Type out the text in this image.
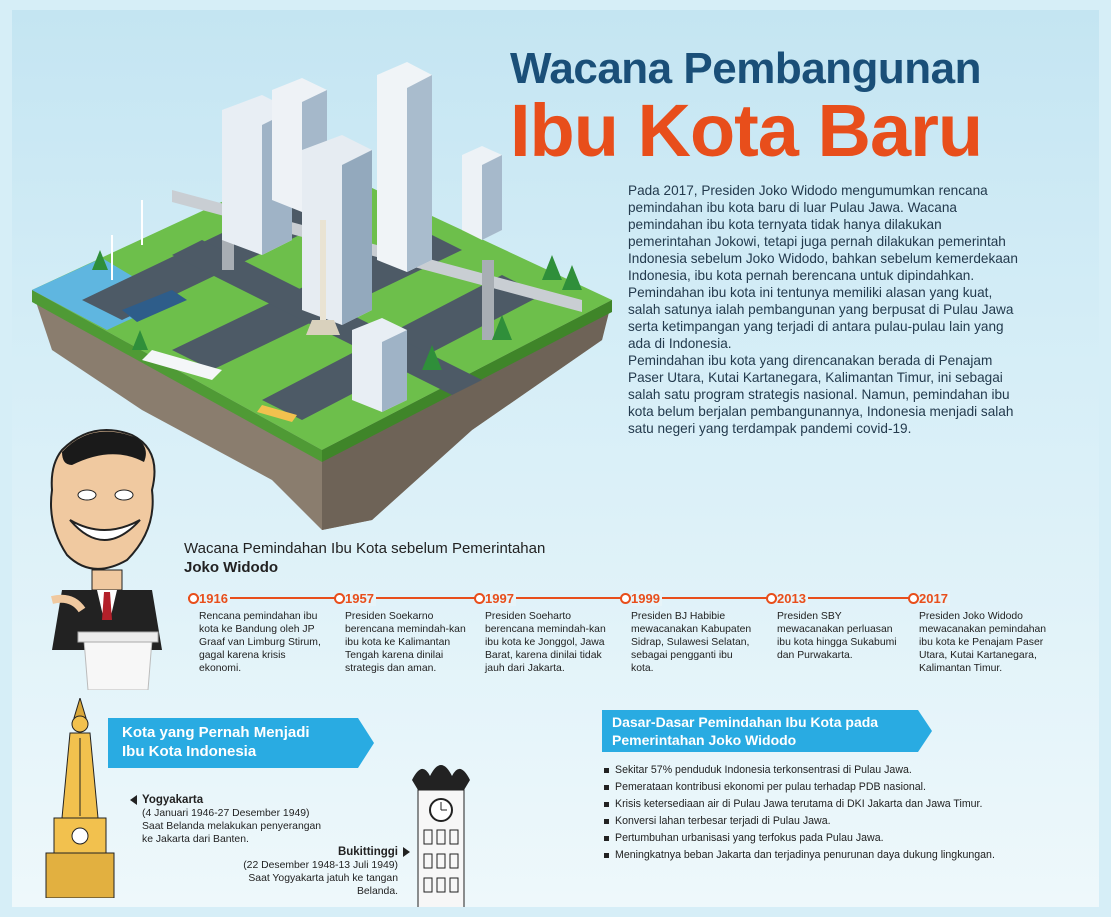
Wacana Pembangunan
Ibu Kota Baru

Pada 2017, Presiden Joko Widodo mengumumkan rencana pemindahan ibu kota baru di luar Pulau Jawa. Wacana pemindahan ibu kota ternyata tidak hanya dilakukan pemerintahan Jokowi, tetapi juga pernah dilakukan pemerintah Indonesia sebelum Joko Widodo, bahkan sebelum kemerdekaan Indonesia, ibu kota pernah berencana untuk dipindahkan.

Pemindahan ibu kota ini tentunya memiliki alasan yang kuat, salah satunya ialah pembangunan yang berpusat di Pulau Jawa serta ketimpangan yang terjadi di antara pulau-pulau lain yang ada di Indonesia.

Pemindahan ibu kota yang direncanakan berada di Penajam Paser Utara, Kutai Kartanegara, Kalimantan Timur, ini sebagai salah satu program strategis nasional. Namun, pemindahan ibu kota belum berjalan pembangunannya, Indonesia menjadi salah satu negeri yang terdampak pandemi covid-19.

Wacana Pemindahan Ibu Kota sebelum Pemerintahan
Joko Widodo
1916
Rencana pemindahan ibu kota ke Bandung oleh JP Graaf van Limburg Stirum, gagal karena krisis ekonomi.
1957
Presiden Soekarno berencana memindah-kan ibu kota ke Kalimantan Tengah karena dinilai strategis dan aman.
1997
Presiden Soeharto berencana memindah-kan ibu kota ke Jonggol, Jawa Barat, karena dinilai tidak jauh dari Jakarta.
1999
Presiden BJ Habibie mewacanakan Kabupaten Sidrap, Sulawesi Selatan, sebagai pengganti ibu kota.
2013
Presiden SBY mewacanakan perluasan ibu kota hingga Sukabumi dan Purwakarta.
2017
Presiden Joko Widodo mewacanakan pemindahan ibu kota ke Penajam Paser Utara, Kutai Kartanegara, Kalimantan Timur.
Kota yang Pernah Menjadi
Ibu Kota Indonesia
Yogyakarta
(4 Januari 1946-27 Desember 1949)
Saat Belanda melakukan penyerangan
ke Jakarta dari Banten.
Bukittinggi
(22 Desember 1948-13 Juli 1949)
Saat Yogyakarta jatuh ke tangan
Belanda.
Dasar-Dasar Pemindahan Ibu Kota pada
Pemerintahan Joko Widodo
Sekitar 57% penduduk Indonesia terkonsentrasi di Pulau Jawa.
Pemerataan kontribusi ekonomi per pulau terhadap PDB nasional.
Krisis ketersediaan air di Pulau Jawa terutama di DKI Jakarta dan Jawa Timur.
Konversi lahan terbesar terjadi di Pulau Jawa.
Pertumbuhan urbanisasi yang terfokus pada Pulau Jawa.
Meningkatnya beban Jakarta dan terjadinya penurunan daya dukung lingkungan.
